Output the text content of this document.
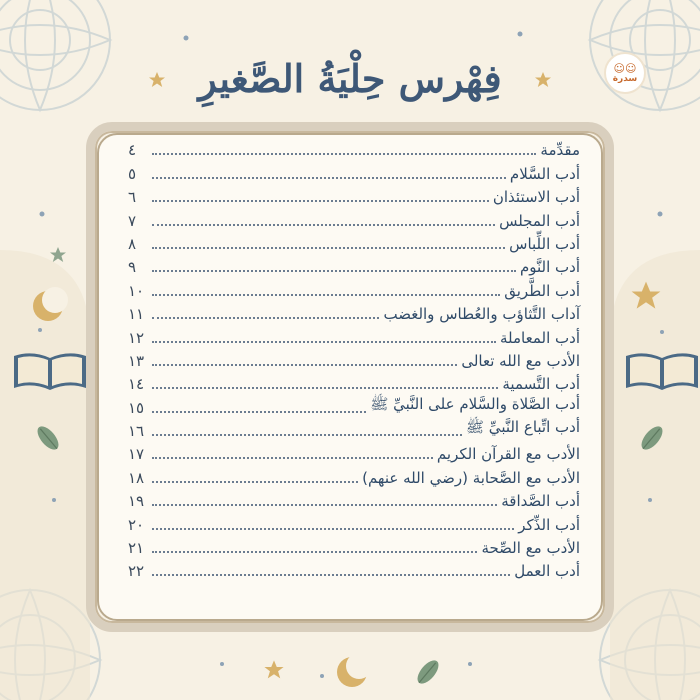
فِهْرس حِلْيَةُ الصَّغيرِ	☺☺
سدرة
مقدِّمة
٤
أدب السَّلام
٥
أدب الاستئذان
٦
أدب المجلس
٧
أدب اللِّباس
٨
أدب النَّوم
٩
أدب الطَّريق
١٠
آداب التَّثاؤب والعُطاس والغضب
١١
أدب المعاملة
١٢
الأدب مع الله تعالى
١٣
أدب التَّسمية
١٤
أدب الصَّلاة والسَّلام على النَّبيِّ ﷺ
١٥
أدب اتِّباع النَّبيِّ ﷺ
١٦
الأدب مع القرآن الكريم
١٧
الأدب مع الصَّحابة (رضي الله عنهم)
١٨
أدب الصَّداقة
١٩
أدب الذِّكر
٢٠
الأدب مع الصِّحة
٢١
أدب العمل
٢٢
